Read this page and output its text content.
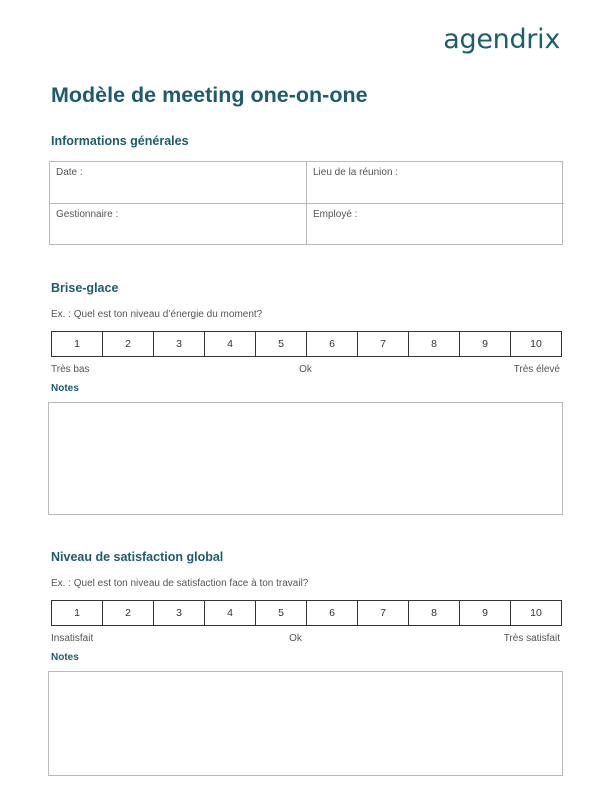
agendrix
Modèle de meeting one-on-one
Informations générales
Date :	Lieu de la réunion :
Gestionnaire :	Employé :
Brise-glace
Ex. : Quel est ton niveau d’énergie du moment?
1	2	3	4	5	6	7	8	9	10
Très bas	Ok	Très élevé
Notes
Niveau de satisfaction global
Ex. : Quel est ton niveau de satisfaction face à ton travail?
1	2	3	4	5	6	7	8	9	10
Insatisfait	Ok	Très satisfait
Notes
